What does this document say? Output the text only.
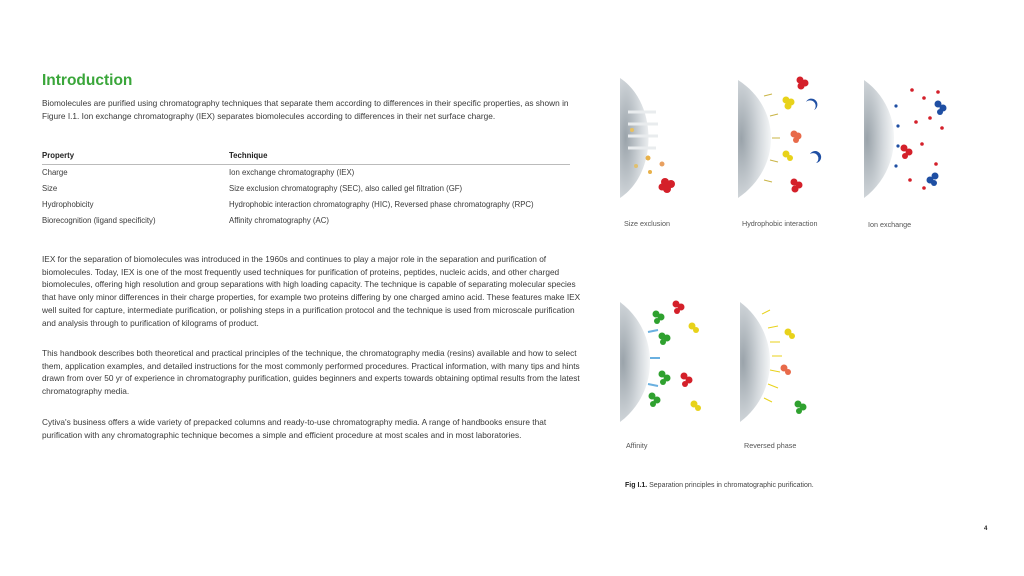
Introduction

Biomolecules are purified using chromatography techniques that separate them according to differences in their specific properties, as shown in Figure I.1. Ion exchange chromatography (IEX) separates biomolecules according to differences in their net surface charge.

Property	Technique
Charge	Ion exchange chromatography (IEX)
Size	Size exclusion chromatography (SEC), also called gel filtration (GF)
Hydrophobicity	Hydrophobic interaction chromatography (HIC), Reversed phase chromatography (RPC)
Biorecognition (ligand specificity)	Affinity chromatography (AC)

IEX for the separation of biomolecules was introduced in the 1960s and continues to play a major role in the separation and purification of biomolecules. Today, IEX is one of the most frequently used techniques for purification of proteins, peptides, nucleic acids, and other charged biomolecules, offering high resolution and group separations with high loading capacity. The technique is capable of separating molecular species that have only minor differences in their charge properties, for example two proteins differing by one charged amino acid. These features make IEX well suited for capture, intermediate purification, or polishing steps in a purification protocol and the technique is used from microscale purification and analysis through to purification of kilograms of product.

This handbook describes both theoretical and practical principles of the technique, the chromatography media (resins) available and how to select them, application examples, and detailed instructions for the most commonly performed procedures. Practical information, with many tips and hints drawn from over 50 yr of experience in chromatography purification, guides beginners and experts towards obtaining optimal results from the latest chromatography media.

Cytiva's business offers a wide variety of prepacked columns and ready-to-use chromatography media. A range of handbooks ensure that purification with any chromatographic technique becomes a simple and efficient procedure at most scales and in most laboratories.

Size exclusion	Hydrophobic interaction	Ion exchange
Affinity	Reversed phase
Fig I.1. Separation principles in chromatographic purification.
4
